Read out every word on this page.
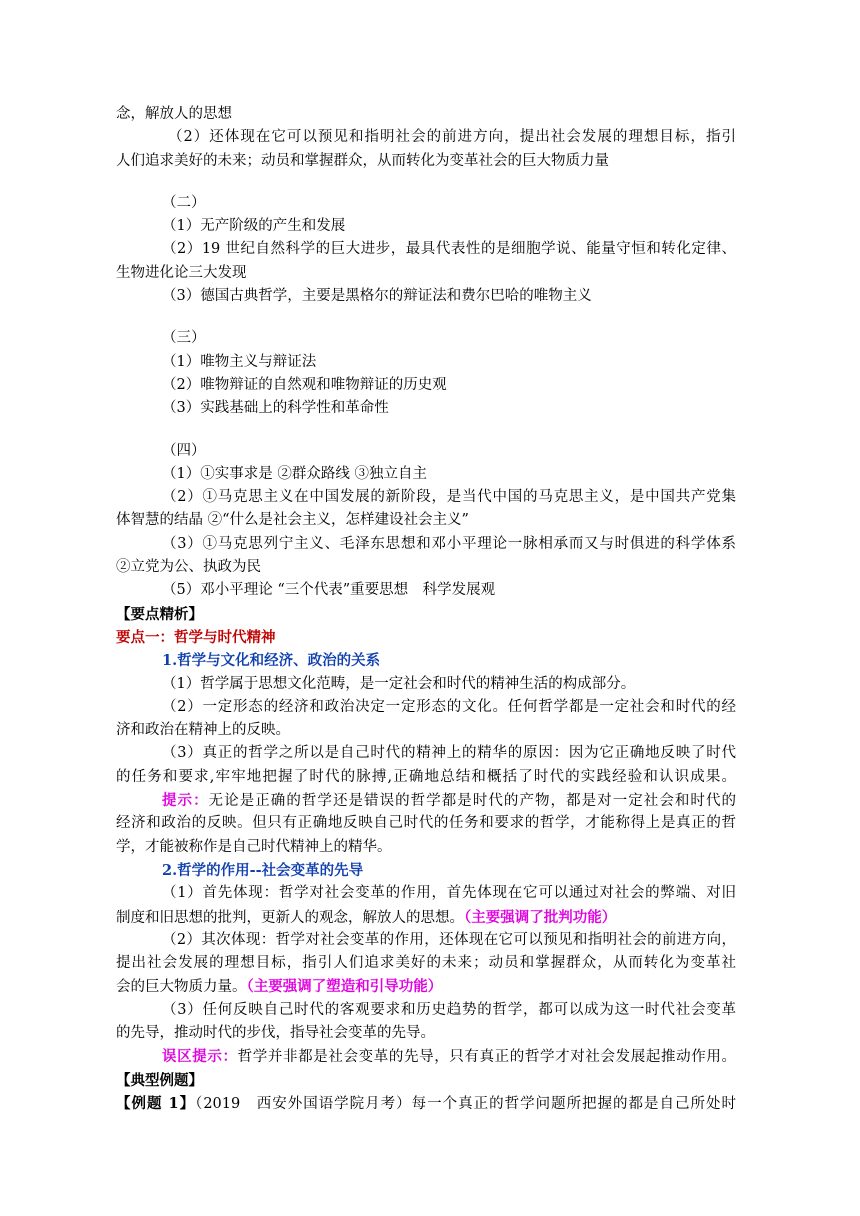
念，解放人的思想
（2）还体现在它可以预见和指明社会的前进方向，提出社会发展的理想目标，指引
人们追求美好的未来；动员和掌握群众，从而转化为变革社会的巨大物质力量
（二）
（1）无产阶级的产生和发展
（2）19 世纪自然科学的巨大进步，最具代表性的是细胞学说、能量守恒和转化定律、
生物进化论三大发现
（3）德国古典哲学，主要是黑格尔的辩证法和费尔巴哈的唯物主义
（三）
（1）唯物主义与辩证法
（2）唯物辩证的自然观和唯物辩证的历史观
（3）实践基础上的科学性和革命性
（四）
（1）①实事求是 ②群众路线 ③独立自主
（2）①马克思主义在中国发展的新阶段，是当代中国的马克思主义，是中国共产党集
体智慧的结晶 ②“什么是社会主义，怎样建设社会主义”
（3）①马克思列宁主义、毛泽东思想和邓小平理论一脉相承而又与时俱进的科学体系
②立党为公、执政为民
（5）邓小平理论 “三个代表”重要思想　科学发展观
【要点精析】
要点一：哲学与时代精神
1.哲学与文化和经济、政治的关系
（1）哲学属于思想文化范畴，是一定社会和时代的精神生活的构成部分。
（2）一定形态的经济和政治决定一定形态的文化。任何哲学都是一定社会和时代的经
济和政治在精神上的反映。
（3）真正的哲学之所以是自己时代的精神上的精华的原因：因为它正确地反映了时代
的任务和要求,牢牢地把握了时代的脉搏,正确地总结和概括了时代的实践经验和认识成果。
提示：无论是正确的哲学还是错误的哲学都是时代的产物，都是对一定社会和时代的
经济和政治的反映。但只有正确地反映自己时代的任务和要求的哲学，才能称得上是真正的哲
学，才能被称作是自己时代精神上的精华。
2.哲学的作用--社会变革的先导
（1）首先体现：哲学对社会变革的作用，首先体现在它可以通过对社会的弊端、对旧
制度和旧思想的批判，更新人的观念，解放人的思想。（主要强调了批判功能）
（2）其次体现：哲学对社会变革的作用，还体现在它可以预见和指明社会的前进方向，
提出社会发展的理想目标，指引人们追求美好的未来；动员和掌握群众，从而转化为变革社
会的巨大物质力量。（主要强调了塑造和引导功能）
（3）任何反映自己时代的客观要求和历史趋势的哲学，都可以成为这一时代社会变革
的先导，推动时代的步伐，指导社会变革的先导。
误区提示：哲学并非都是社会变革的先导，只有真正的哲学才对社会发展起推动作用。
【典型例题】
【例题 1】（2019　西安外国语学院月考）每一个真正的哲学问题所把握的都是自己所处时
